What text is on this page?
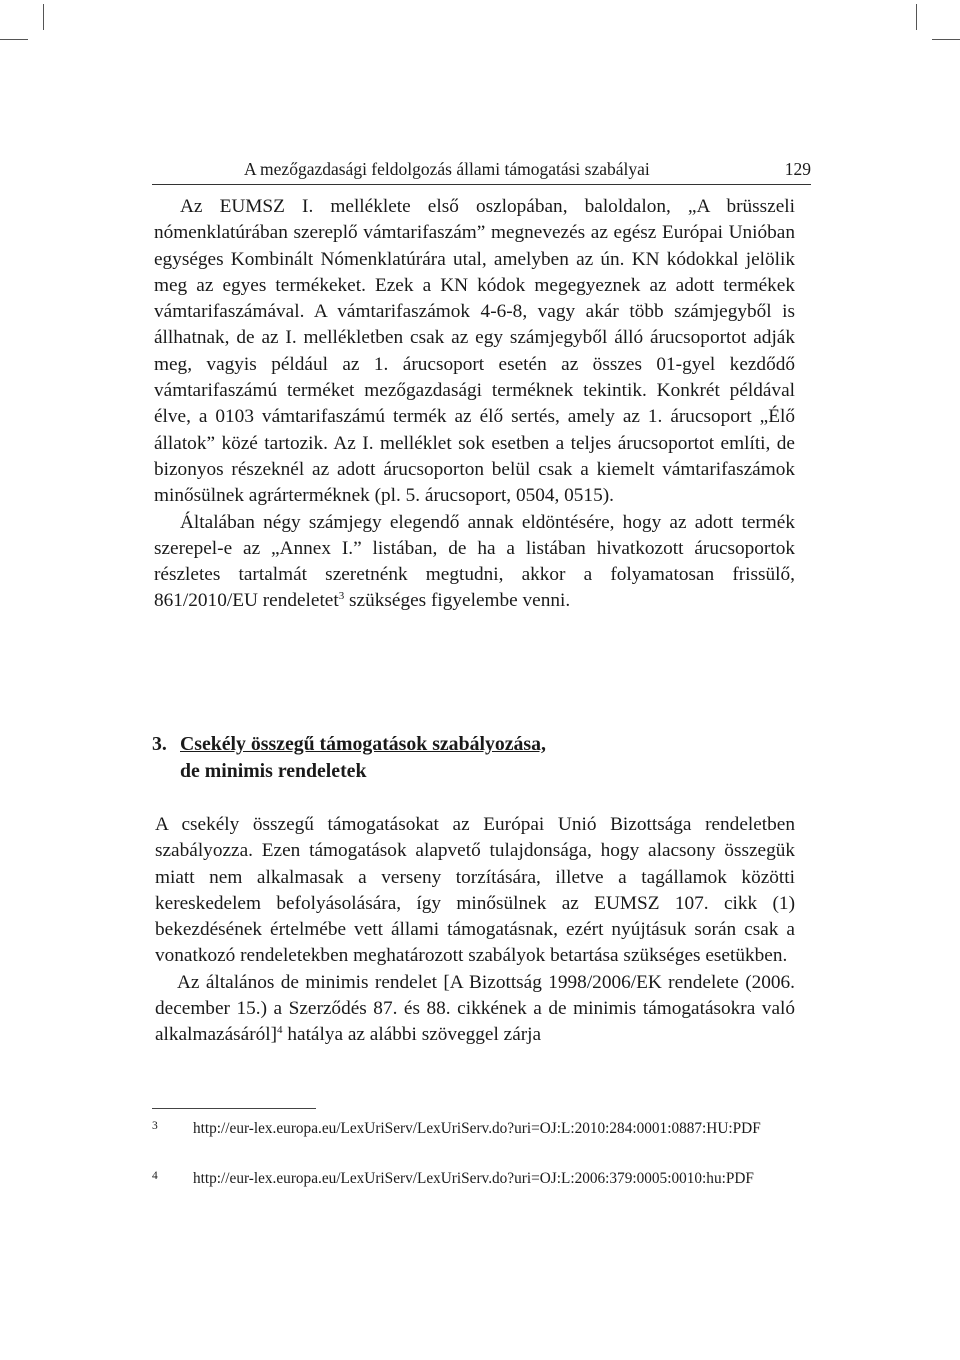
A mezőgazdasági feldolgozás állami támogatási szabályai	129

Az EUMSZ I. melléklete első oszlopában, baloldalon, „A brüsszeli nómenklatúrában szereplő vámtarifaszám” megnevezés az egész Európai Unióban egységes Kombinált Nómenklatúrára utal, amelyben az ún. KN kódokkal jelölik meg az egyes termékeket. Ezek a KN kódok megegyeznek az adott termékek vámtarifaszámával. A vámtarifaszámok 4-6-8, vagy akár több számjegyből is állhatnak, de az I. mellékletben csak az egy számjegyből álló árucsoportot adják meg, vagyis például az 1. árucsoport esetén az összes 01-gyel kezdődő vámtarifaszámú terméket mezőgazdasági terméknek tekintik. Konkrét példával élve, a 0103 vámtarifaszámú termék az élő sertés, amely az 1. árucsoport „Élő állatok” közé tartozik. Az I. melléklet sok esetben a teljes árucsoportot említi, de bizonyos részeknél az adott árucsoporton belül csak a kiemelt vámtarifaszámok minősülnek agrárterméknek (pl. 5. árucsoport, 0504, 0515).

Általában négy számjegy elegendő annak eldöntésére, hogy az adott termék szerepel-e az „Annex I.” listában, de ha a listában hivatkozott árucsoportok részletes tartalmát szeretnénk megtudni, akkor a folyamatosan frissülő, 861/2010/EU rendeletet$^3$ szükséges figyelembe venni.

3. Csekély összegű támogatások szabályozása,
de minimis rendeletek

A csekély összegű támogatásokat az Európai Unió Bizottsága rendeletben szabályozza. Ezen támogatások alapvető tulajdonsága, hogy alacsony összegük miatt nem alkalmasak a verseny torzítására, illetve a tagállamok közötti kereskedelem befolyásolására, így minősülnek az EUMSZ 107. cikk (1) bekezdésének értelmébe vett állami támogatásnak, ezért nyújtásuk során csak a vonatkozó rendeletekben meghatározott szabályok betartása szükséges esetükben.

Az általános de minimis rendelet [A Bizottság 1998/2006/EK rendelete (2006. december 15.) a Szerződés 87. és 88. cikkének a de minimis támogatásokra való alkalmazásáról]$^4$ hatálya az alábbi szöveggel zárja

3 http://eur-lex.europa.eu/LexUriServ/LexUriServ.do?uri=OJ:L:2010:284:0001:0887:HU:PDF
4 http://eur-lex.europa.eu/LexUriServ/LexUriServ.do?uri=OJ:L:2006:379:0005:0010:hu:PDF
